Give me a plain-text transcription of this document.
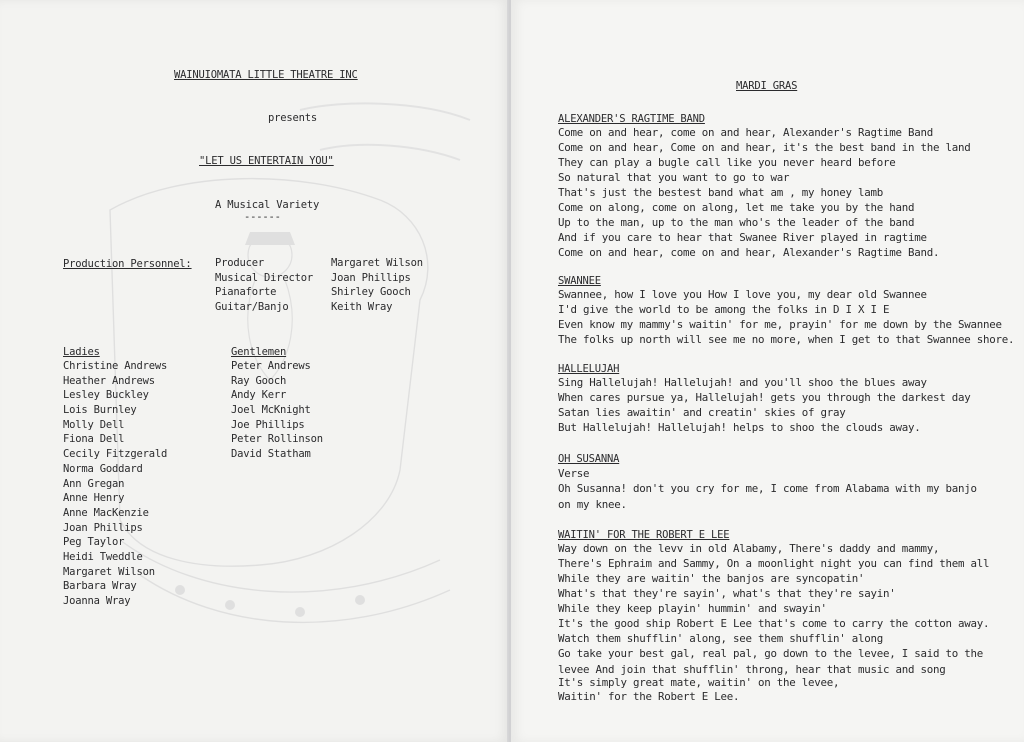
WAINUIOMATA LITTLE THEATRE INC
presents
"LET US ENTERTAIN YOU"
A Musical Variety
------
Production Personnel: Producer
Musical Director
Pianaforte
Guitar/Banjo
Margaret Wilson
Joan Phillips
Shirley Gooch
Keith Wray
Ladies
Christine Andrews
Heather Andrews
Lesley Buckley
Lois Burnley
Molly Dell
Fiona Dell
Cecily Fitzgerald
Norma Goddard
Ann Gregan
Anne Henry
Anne MacKenzie
Joan Phillips
Peg Taylor
Heidi Tweddle
Margaret Wilson
Barbara Wray
Joanna Wray
Gentlemen
Peter Andrews
Ray Gooch
Andy Kerr
Joel McKnight
Joe Phillips
Peter Rollinson
David Statham
MARDI GRAS
ALEXANDER'S RAGTIME BAND
Come on and hear, come on and hear, Alexander's Ragtime Band
Come on and hear, Come on and hear, it's the best band in the land
They can play a bugle call like you never heard before
So natural that you want to go to war
That's just the bestest band what am , my honey lamb
Come on along, come on along, let me take you by the hand
Up to the man, up to the man who's the leader of the band
And if you care to hear that Swanee River played in ragtime
Come on and hear, come on and hear, Alexander's Ragtime Band.
SWANNEE
Swannee, how I love you How I love you, my dear old Swannee
I'd give the world to be among the folks in D I X I E
Even know my mammy's waitin' for me, prayin' for me down by the Swannee
The folks up north will see me no more, when I get to that Swannee shore.
HALLELUJAH
Sing Hallelujah! Hallelujah! and you'll shoo the blues away
When cares pursue ya, Hallelujah! gets you through the darkest day
Satan lies awaitin' and creatin' skies of gray
But Hallelujah! Hallelujah! helps to shoo the clouds away.
OH SUSANNA
Verse
Oh Susanna! don't you cry for me, I come from Alabama with my banjo
on my knee.
WAITIN' FOR THE ROBERT E LEE
Way down on the levv in old Alabamy, There's daddy and mammy,
There's Ephraim and Sammy, On a moonlight night you can find them all
While they are waitin' the banjos are syncopatin'
What's that they're sayin', what's that they're sayin'
While they keep playin' hummin' and swayin'
It's the good ship Robert E Lee that's come to carry the cotton away.
Watch them shufflin' along, see them shufflin' along
Go take your best gal, real pal, go down to the levee, I said to the
levee And join that shufflin' throng, hear that music and song
It's simply great mate, waitin' on the levee,
Waitin' for the Robert E Lee.
